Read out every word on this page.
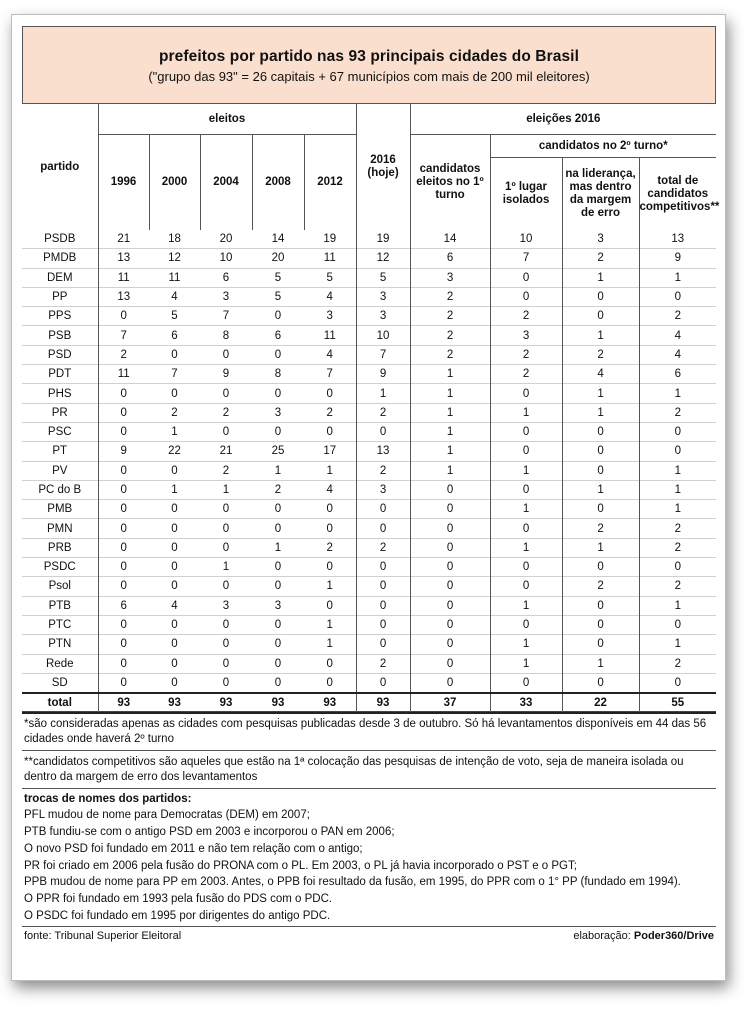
prefeitos por partido nas 93 principais cidades do Brasil
("grupo das 93" = 26 capitais + 67 municípios com mais de 200 mil eleitores)
partido	eleitos					2016 (hoje)	eleições 2016			
	1996	2000	2004	2008	2012		candidatos eleitos no 1º turno	candidatos no 2º turno*		
								1º lugar isolados	na liderança, mas dentro da margem de erro	total de candidatos competitivos**
PSDB	21	18	20	14	19	19	14	10	3	13
PMDB	13	12	10	20	11	12	6	7	2	9
DEM	11	11	6	5	5	5	3	0	1	1
PP	13	4	3	5	4	3	2	0	0	0
PPS	0	5	7	0	3	3	2	2	0	2
PSB	7	6	8	6	11	10	2	3	1	4
PSD	2	0	0	0	4	7	2	2	2	4
PDT	11	7	9	8	7	9	1	2	4	6
PHS	0	0	0	0	0	1	1	0	1	1
PR	0	2	2	3	2	2	1	1	1	2
PSC	0	1	0	0	0	0	1	0	0	0
PT	9	22	21	25	17	13	1	0	0	0
PV	0	0	2	1	1	2	1	1	0	1
PC do B	0	1	1	2	4	3	0	0	1	1
PMB	0	0	0	0	0	0	0	1	0	1
PMN	0	0	0	0	0	0	0	0	2	2
PRB	0	0	0	1	2	2	0	1	1	2
PSDC	0	0	1	0	0	0	0	0	0	0
Psol	0	0	0	0	1	0	0	0	2	2
PTB	6	4	3	3	0	0	0	1	0	1
PTC	0	0	0	0	1	0	0	0	0	0
PTN	0	0	0	0	1	0	0	1	0	1
Rede	0	0	0	0	0	2	0	1	1	2
SD	0	0	0	0	0	0	0	0	0	0
total	93	93	93	93	93	93	37	33	22	55
*são consideradas apenas as cidades com pesquisas publicadas desde 3 de outubro. Só há levantamentos disponíveis em 44 das 56 cidades onde haverá 2º turno
**candidatos competitivos são aqueles que estão na 1ª colocação das pesquisas de intenção de voto, seja de maneira isolada ou dentro da margem de erro dos levantamentos
trocas de nomes dos partidos:
PFL mudou de nome para Democratas (DEM) em 2007;
PTB fundiu-se com o antigo PSD em 2003 e incorporou o PAN em 2006;
O novo PSD foi fundado em 2011 e não tem relação com o antigo;
PR foi criado em 2006 pela fusão do PRONA com o PL. Em 2003, o PL já havia incorporado o PST e o PGT;
PPB mudou de nome para PP em 2003. Antes, o PPB foi resultado da fusão, em 1995, do PPR com o 1° PP (fundado em 1994).
O PPR foi fundado em 1993 pela fusão do PDS com o PDC.
O PSDC foi fundado em 1995 por dirigentes do antigo PDC.
fonte: Tribunal Superior Eleitoral	elaboração: Poder360/Drive
